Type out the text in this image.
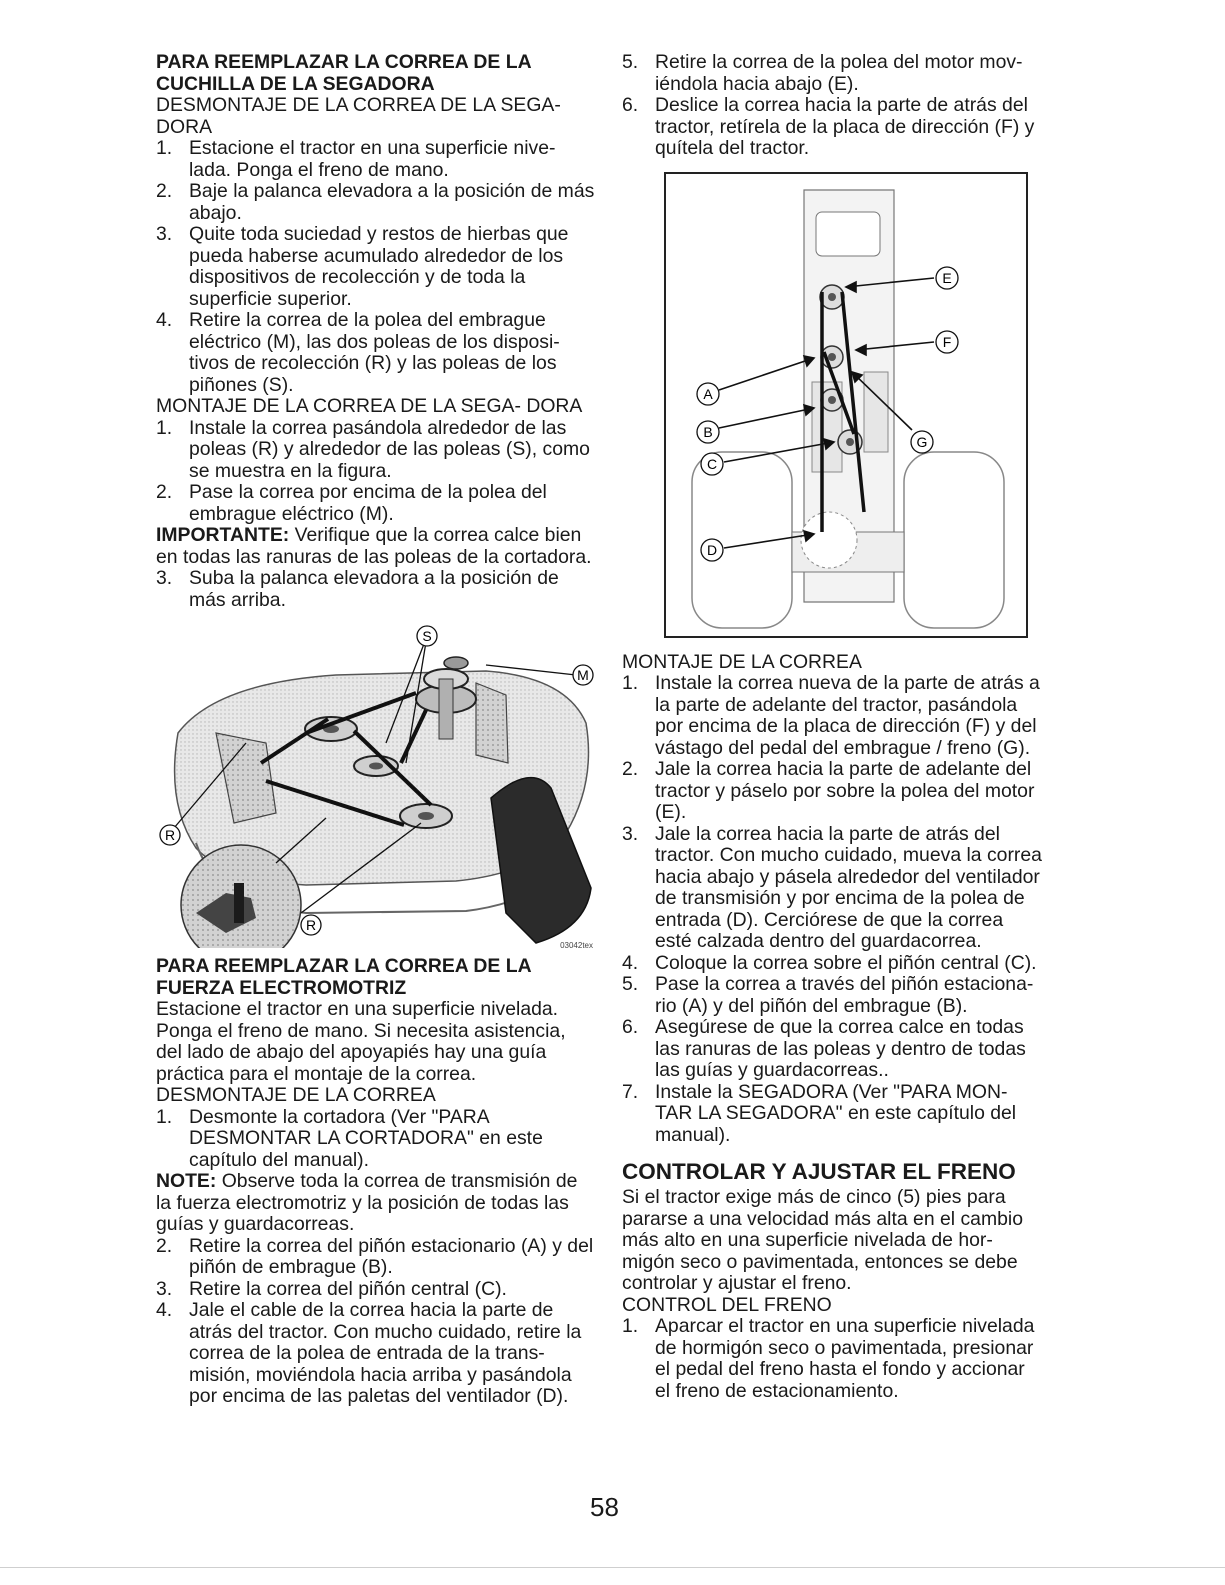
PARA REEMPLAZAR LA CORREA DE LA CUCHILLA DE LA SEGADORA

DESMONTAJE DE LA CORREA DE LA SEGA- DORA

1. Estacione el tractor en una superficie nive- lada. Ponga el freno de mano.
2. Baje la palanca elevadora a la posición de más abajo.
3. Quite toda suciedad y restos de hierbas que pueda haberse acumulado alrededor de los dispositivos de recolección y de toda la superficie superior.
4. Retire la correa de la polea del embrague eléctrico (M), las dos poleas de los disposi- tivos de recolección (R) y las poleas de los piñones (S).

MONTAJE DE LA CORREA DE LA SEGA- DORA

1. Instale la correa pasándola alrededor de las poleas (R) y alrededor de las poleas (S), como se muestra en la figura.
2. Pase la correa por encima de la polea del embrague eléctrico (M).

IMPORTANTE: Verifique que la correa calce bien en todas las ranuras de las poleas de la cortadora.

3. Suba la palanca elevadora a la posición de más arriba.
S
M
R
R
03042tex

PARA REEMPLAZAR LA CORREA DE LA FUERZA ELECTROMOTRIZ

Estacione el tractor en una superficie nivelada. Ponga el freno de mano. Si necesita asistencia, del lado de abajo del apoyapiés hay una guía práctica para el montaje de la correa.

DESMONTAJE DE LA CORREA

1. Desmonte la cortadora (Ver "PARA DESMONTAR LA CORTADORA" en este capítulo del manual).

NOTE: Observe toda la correa de transmisión de la fuerza electromotriz y la posición de todas las guías y guardacorreas.

2. Retire la correa del piñón estacionario (A) y del piñón de embrague (B).
3. Retire la correa del piñón central (C).
4. Jale el cable de la correa hacia la parte de atrás del tractor. Con mucho cuidado, retire la correa de la polea de entrada de la trans- misión, moviéndola hacia arriba y pasándola por encima de las paletas del ventilador (D).
5. Retire la correa de la polea del motor mov- iéndola hacia abajo (E).
6. Deslice la correa hacia la parte de atrás del tractor, retírela de la placa de dirección (F) y quítela del tractor.
E
F
A
B
G
C
D

MONTAJE DE LA CORREA

1. Instale la correa nueva de la parte de atrás a la parte de adelante del tractor, pasándola por encima de la placa de dirección (F) y del vástago del pedal del embrague / freno (G).
2. Jale la correa hacia la parte de adelante del tractor y páselo por sobre la polea del motor (E).
3. Jale la correa hacia la parte de atrás del tractor. Con mucho cuidado, mueva la correa hacia abajo y pásela alrededor del ventilador de transmisión y por encima de la polea de entrada (D). Cerciórese de que la correa esté calzada dentro del guardacorrea.
4. Coloque la correa sobre el piñón central (C).
5. Pase la correa a través del piñón estaciona- rio (A) y del piñón del embrague (B).
6. Asegúrese de que la correa calce en todas las ranuras de las poleas y dentro de todas las guías y guardacorreas..
7. Instale la SEGADORA (Ver "PARA MON- TAR LA SEGADORA" en este capítulo del manual).

CONTROLAR Y AJUSTAR EL FRENO

Si el tractor exige más de cinco (5) pies para pararse a una velocidad más alta en el cambio más alto en una superficie nivelada de hor- migón seco o pavimentada, entonces se debe controlar y ajustar el freno.

CONTROL DEL FRENO

1. Aparcar el tractor en una superficie nivelada de hormigón seco o pavimentada, presionar el pedal del freno hasta el fondo y accionar el freno de estacionamiento.
58
